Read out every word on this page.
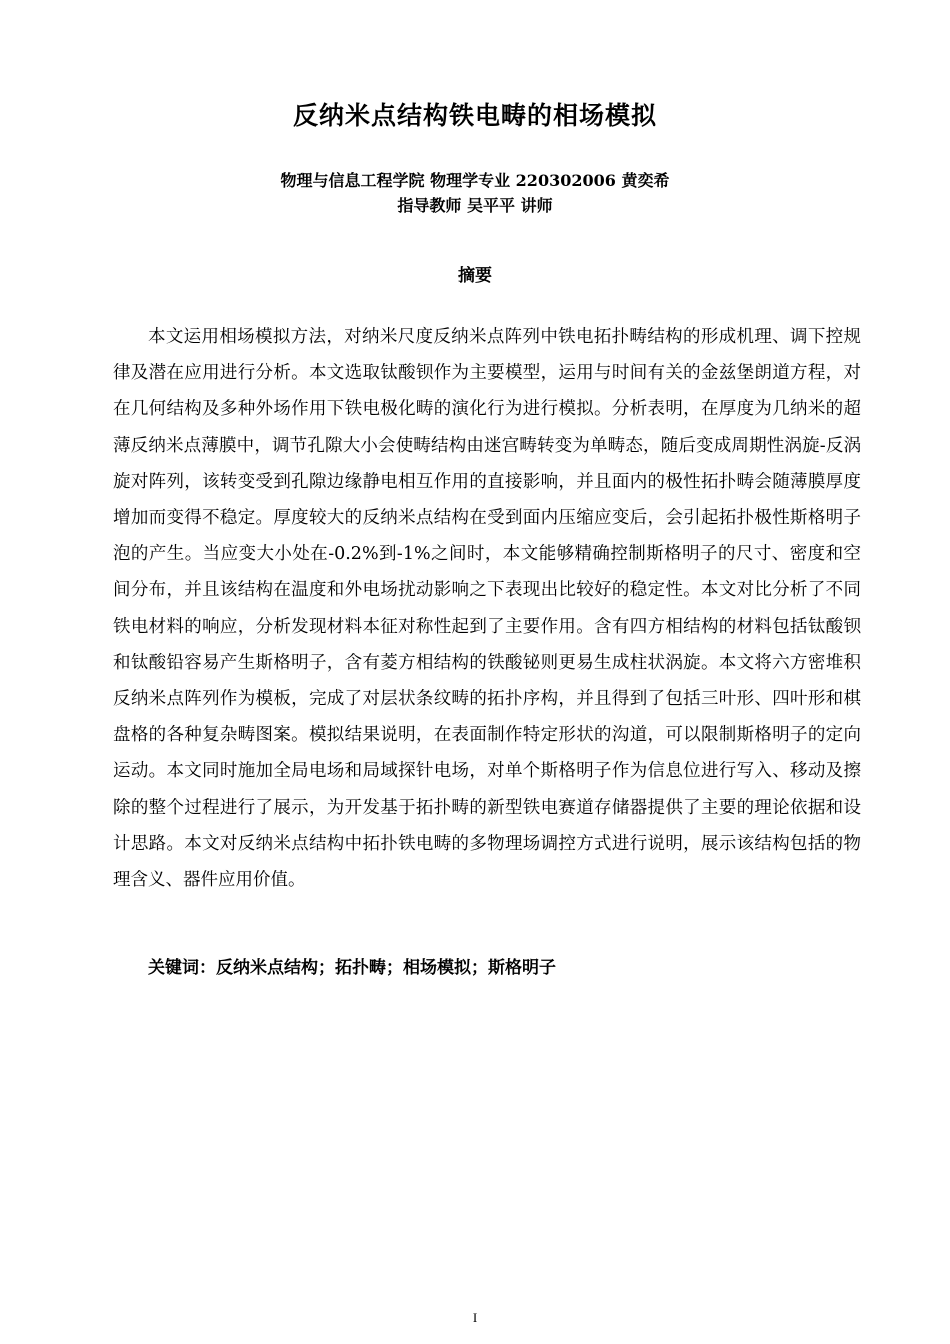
反纳米点结构铁电畴的相场模拟
物理与信息工程学院 物理学专业 220302006 黄奕希
指导教师 吴平平 讲师
摘要

本文运用相场模拟方法，对纳米尺度反纳米点阵列中铁电拓扑畴结构的形成机理、调下控规律及潜在应用进行分析。本文选取钛酸钡作为主要模型，运用与时间有关的金兹堡朗道方程，对在几何结构及多种外场作用下铁电极化畴的演化行为进行模拟。分析表明，在厚度为几纳米的超薄反纳米点薄膜中，调节孔隙大小会使畴结构由迷宫畴转变为单畴态，随后变成周期性涡旋-反涡旋对阵列，该转变受到孔隙边缘静电相互作用的直接影响，并且面内的极性拓扑畴会随薄膜厚度增加而变得不稳定。厚度较大的反纳米点结构在受到面内压缩应变后，会引起拓扑极性斯格明子泡的产生。当应变大小处在-0.2%到-1%之间时，本文能够精确控制斯格明子的尺寸、密度和空间分布，并且该结构在温度和外电场扰动影响之下表现出比较好的稳定性。本文对比分析了不同铁电材料的响应，分析发现材料本征对称性起到了主要作用。含有四方相结构的材料包括钛酸钡和钛酸铅容易产生斯格明子，含有菱方相结构的铁酸铋则更易生成柱状涡旋。本文将六方密堆积反纳米点阵列作为模板，完成了对层状条纹畴的拓扑序构，并且得到了包括三叶形、四叶形和棋盘格的各种复杂畴图案。模拟结果说明，在表面制作特定形状的沟道，可以限制斯格明子的定向运动。本文同时施加全局电场和局域探针电场，对单个斯格明子作为信息位进行写入、移动及擦除的整个过程进行了展示，为开发基于拓扑畴的新型铁电赛道存储器提供了主要的理论依据和设计思路。本文对反纳米点结构中拓扑铁电畴的多物理场调控方式进行说明，展示该结构包括的物理含义、器件应用价值。

关键词：反纳米点结构；拓扑畴；相场模拟；斯格明子
I
